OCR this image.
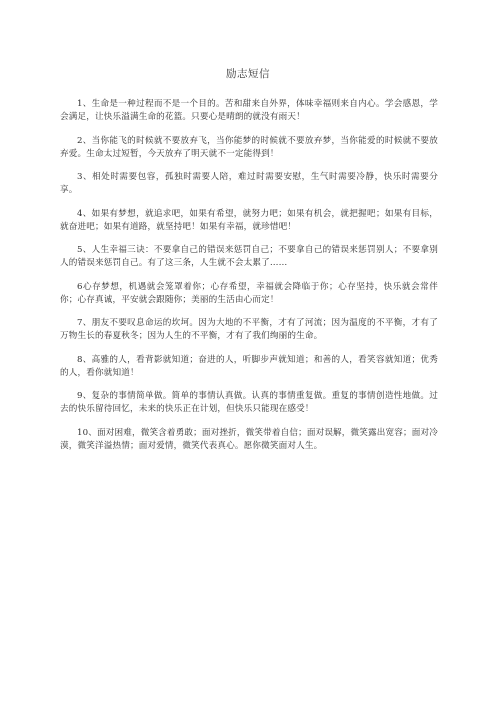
励志短信

1、生命是一种过程而不是一个目的。苦和甜来自外界，体味幸福则来自内心。学会感恩，学会满足，让快乐溢满生命的花篮。只要心是晴朗的就没有雨天！

2、当你能飞的时候就不要放弃飞，当你能梦的时候就不要放弃梦，当你能爱的时候就不要放弃爱。生命太过短暂，今天放弃了明天就不一定能得到！

3、相处时需要包容，孤独时需要人陪，难过时需要安慰，生气时需要冷静，快乐时需要分享。

4、如果有梦想，就追求吧，如果有希望，就努力吧；如果有机会，就把握吧；如果有目标，就奋进吧；如果有道路，就坚持吧！如果有幸福，就珍惜吧！

5、人生幸福三诀：不要拿自己的错误来惩罚自己；不要拿自己的错误来惩罚别人；不要拿别人的错误来惩罚自己。有了这三条，人生就不会太累了……

6心存梦想，机遇就会笼罩着你；心存希望，幸福就会降临于你；心存坚持，快乐就会常伴你；心存真诚，平安就会跟随你；美丽的生活由心而定！

7、朋友不要叹息命运的坎坷。因为大地的不平衡，才有了河流；因为温度的不平衡，才有了万物生长的春夏秋冬；因为人生的不平衡，才有了我们绚丽的生命。

8、高雅的人，看背影就知道；奋进的人，听脚步声就知道；和善的人，看笑容就知道；优秀的人，看你就知道！

9、复杂的事情简单做。简单的事情认真做。认真的事情重复做。重复的事情创造性地做。过去的快乐留待回忆，未来的快乐正在计划，但快乐只能现在感受！

10、面对困难，微笑含着勇敢；面对挫折，微笑带着自信；面对误解，微笑露出宽容；面对冷漠，微笑洋溢热情；面对爱情，微笑代表真心。愿你微笑面对人生。
